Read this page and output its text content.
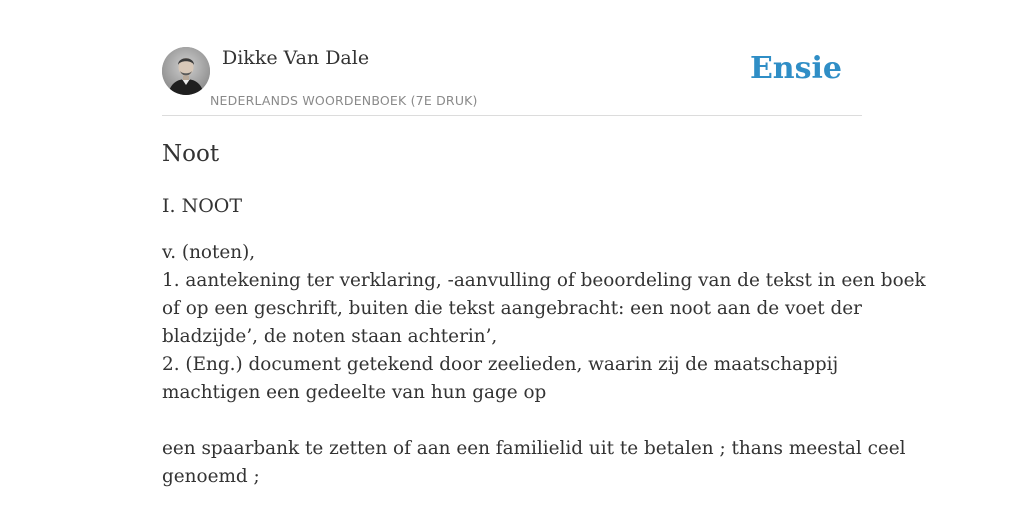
Dikke Van Dale
NEDERLANDS WOORDENBOEK (7E DRUK)
Ensie
Noot
I. NOOT
v. (noten),
1. aantekening ter verklaring, -aanvulling of beoordeling van de tekst in een boek
of op een geschrift, buiten die tekst aangebracht: een noot aan de voet der
bladzijde’, de noten staan achterin’,
2. (Eng.) document getekend door zeelieden, waarin zij de maatschappij
machtigen een gedeelte van hun gage op
een spaarbank te zetten of aan een familielid uit te betalen ; thans meestal ceel
genoemd ;
